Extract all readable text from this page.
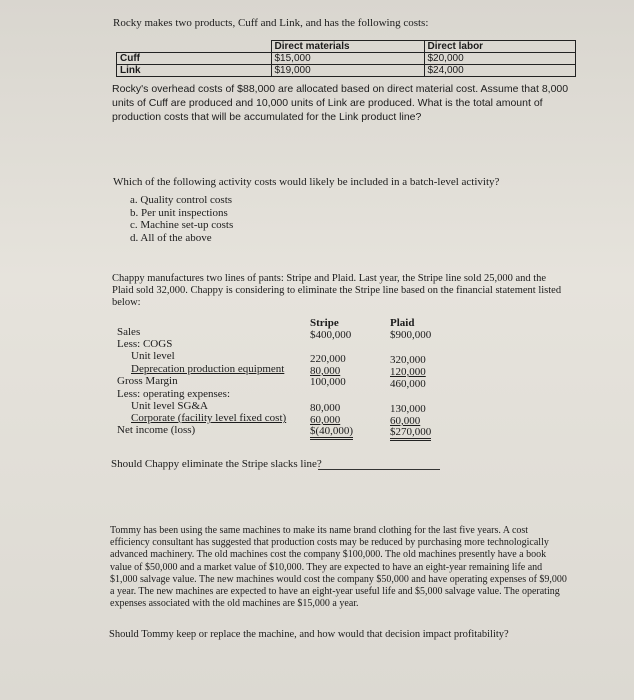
Rocky makes two products, Cuff and Link, and has the following costs:
	Direct materials	Direct labor
Cuff	$15,000	$20,000
Link	$19,000	$24,000
Rocky's overhead costs of $88,000 are allocated based on direct material cost. Assume that 8,000 units of Cuff are produced and 10,000 units of Link are produced. What is the total amount of production costs that will be accumulated for the Link product line?
Which of the following activity costs would likely be included in a batch-level activity?
a. Quality control costs
b. Per unit inspections
c. Machine set-up costs
d. All of the above
Chappy manufactures two lines of pants: Stripe and Plaid. Last year, the Stripe line sold 25,000 and the Plaid sold 32,000. Chappy is considering to eliminate the Stripe line based on the financial statement listed below:
Stripe	Plaid
Sales	$400,000	$900,000
Less: COGS
Unit level	220,000	320,000
Deprecation production equipment 80,000	120,000
Gross Margin	100,000	460,000
Less: operating expenses:
Unit level SG&A	80,000	130,000
Corporate (facility level fixed cost) 60,000	60,000
Net income (loss)	$(40,000)	$270,000
Should Chappy eliminate the Stripe slacks line?
Tommy has been using the same machines to make its name brand clothing for the last five years. A cost efficiency consultant has suggested that production costs may be reduced by purchasing more technologically advanced machinery. The old machines cost the company $100,000. The old machines presently have a book value of $50,000 and a market value of $10,000. They are expected to have an eight-year remaining life and $1,000 salvage value. The new machines would cost the company $50,000 and have operating expenses of $9,000 a year. The new machines are expected to have an eight-year useful life and $5,000 salvage value. The operating expenses associated with the old machines are $15,000 a year.
Should Tommy keep or replace the machine, and how would that decision impact profitability?
